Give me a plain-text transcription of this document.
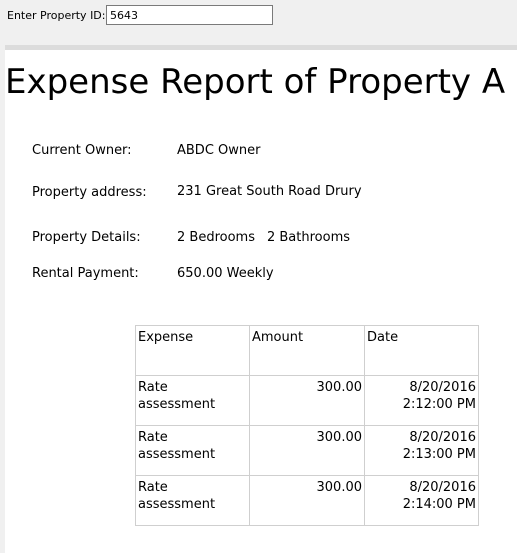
Enter Property ID:
5643
Expense Report of Property A
Current Owner:	ABDC Owner
Property address: 231 Great South Road Drury
Property Details:	2 Bedrooms 2 Bathrooms
Rental Payment:	650.00 Weekly
Expense	Amount	Date
Rate assessment	300.00	8/20/2016 2:12:00 PM
Rate assessment	300.00	8/20/2016 2:13:00 PM
Rate assessment	300.00	8/20/2016 2:14:00 PM
